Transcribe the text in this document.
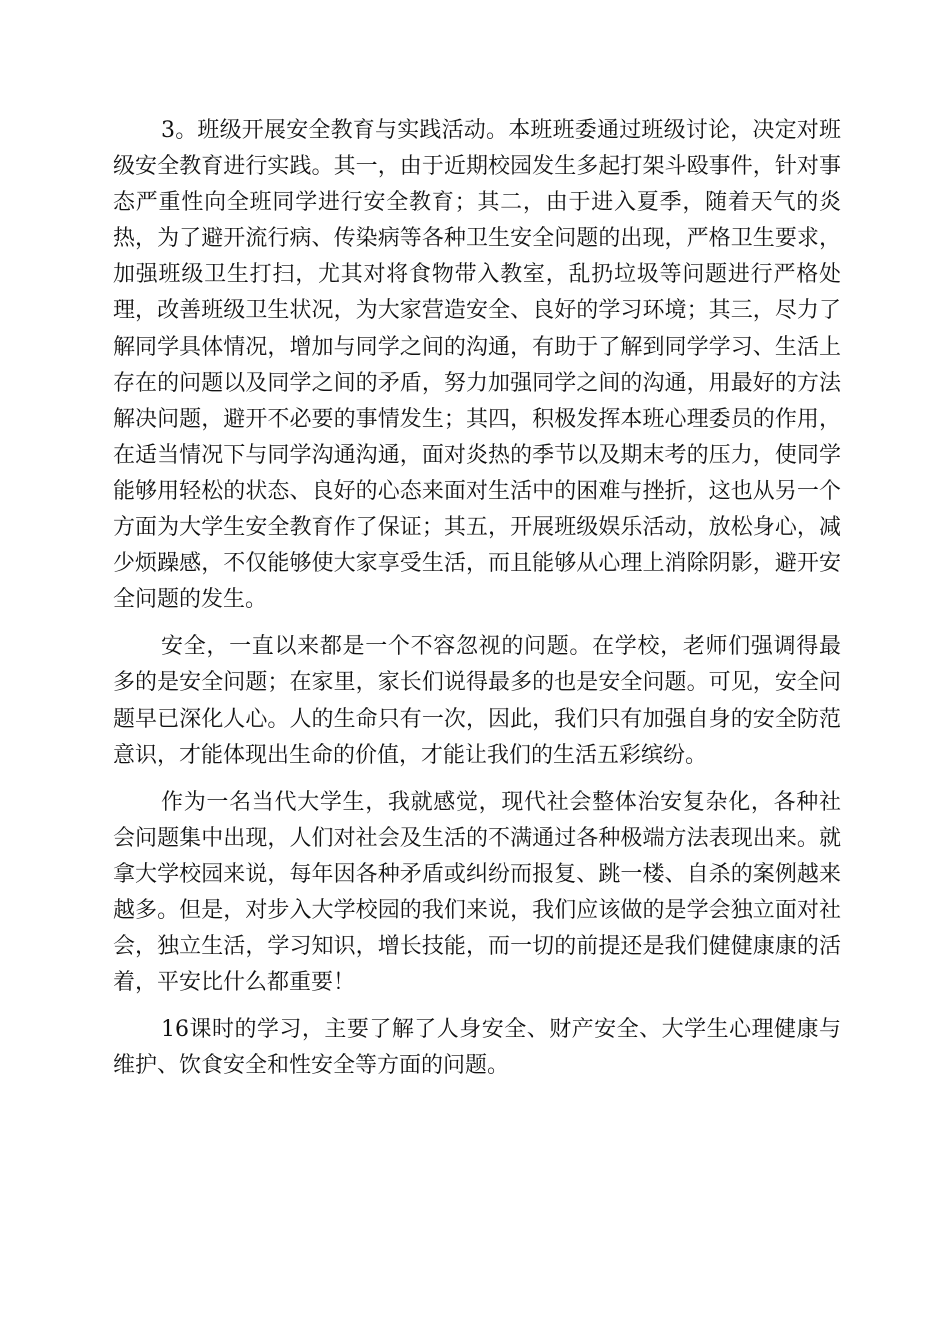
3。班级开展安全教育与实践活动。本班班委通过班级讨论，决定对班级安全教育进行实践。其一，由于近期校园发生多起打架斗殴事件，针对事态严重性向全班同学进行安全教育；其二，由于进入夏季，随着天气的炎热，为了避开流行病、传染病等各种卫生安全问题的出现，严格卫生要求，加强班级卫生打扫，尤其对将食物带入教室，乱扔垃圾等问题进行严格处理，改善班级卫生状况，为大家营造安全、良好的学习环境；其三，尽力了解同学具体情况，增加与同学之间的沟通，有助于了解到同学学习、生活上存在的问题以及同学之间的矛盾，努力加强同学之间的沟通，用最好的方法解决问题，避开不必要的事情发生；其四，积极发挥本班心理委员的作用，在适当情况下与同学沟通沟通，面对炎热的季节以及期末考的压力，使同学能够用轻松的状态、良好的心态来面对生活中的困难与挫折，这也从另一个方面为大学生安全教育作了保证；其五，开展班级娱乐活动，放松身心，减少烦躁感，不仅能够使大家享受生活，而且能够从心理上消除阴影，避开安全问题的发生。

安全，一直以来都是一个不容忽视的问题。在学校，老师们强调得最多的是安全问题；在家里，家长们说得最多的也是安全问题。可见，安全问题早已深化人心。人的生命只有一次，因此，我们只有加强自身的安全防范意识，才能体现出生命的价值，才能让我们的生活五彩缤纷。

作为一名当代大学生，我就感觉，现代社会整体治安复杂化，各种社会问题集中出现，人们对社会及生活的不满通过各种极端方法表现出来。就拿大学校园来说，每年因各种矛盾或纠纷而报复、跳一楼、自杀的案例越来越多。但是，对步入大学校园的我们来说，我们应该做的是学会独立面对社会，独立生活，学习知识，增长技能，而一切的前提还是我们健健康康的活着，平安比什么都重要！

16课时的学习，主要了解了人身安全、财产安全、大学生心理健康与维护、饮食安全和性安全等方面的问题。
